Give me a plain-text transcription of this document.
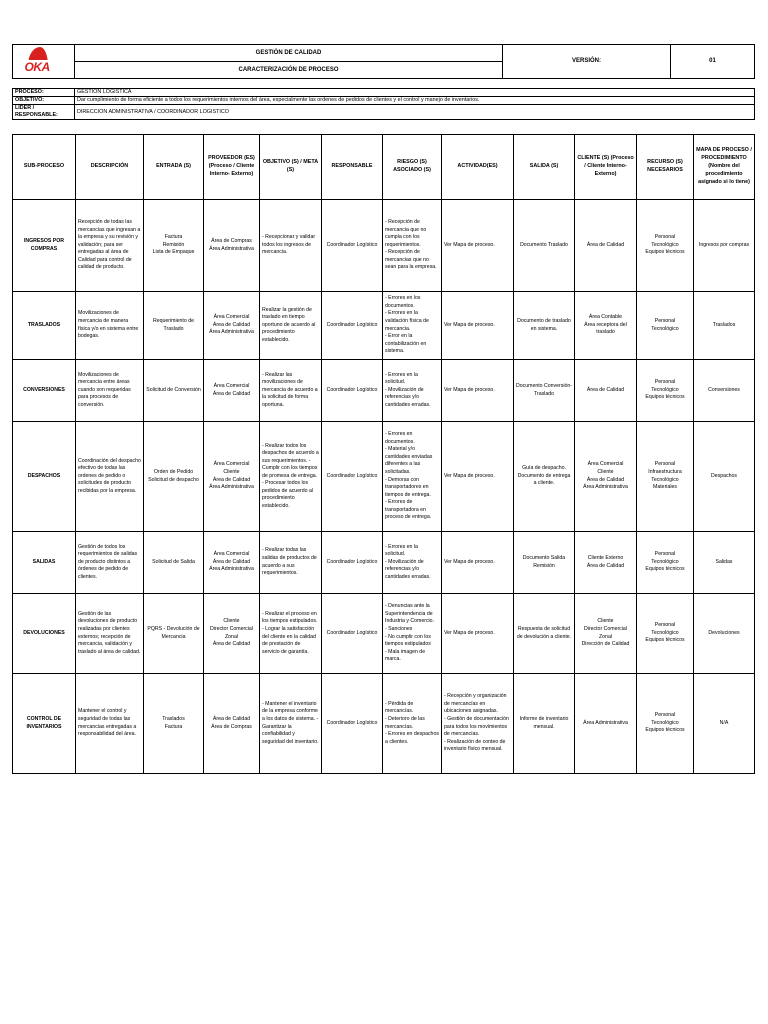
OKA
	GESTIÓN DE CALIDAD	VERSIÓN:	01
CARACTERIZACIÓN DE PROCESO
PROCESO:	GESTIÓN LOGISTICA
OBJETIVO:	Dar cumplimiento de forma eficiente a todos los requerimientos internos del área, especialmente las ordenes de pedidos de clientes y el control y manejo de inventarios.
LIDER / RESPONSABLE:	DIRECCION ADMINISTRATIVA / COORDINADOR LOGISTICO
SUB-PROCESO	DESCRIPCIÓN	ENTRADA (S)	PROVEEDOR (ES) (Proceso / Cliente Interno- Externo)	OBJETIVO (S) / META (S)	RESPONSABLE	RIESGO (S) ASOCIADO (S)	ACTIVIDAD(ES)	SALIDA (S)	CLIENTE (S) (Proceso / Cliente Interno- Externo)	RECURSO (S) NECESARIOS	MAPA DE PROCESO / PROCEDIMIENTO (Nombre del procedimiento asignado si lo tiene)
INGRESOS POR COMPRAS	Recepción de todas las mercancias que ingresan a la empresa y su revisión y validación; para ser entregadas al área de Calidad para control de calidad de producto.	Factura
Remisión
Lista de Empaque	Área de Compras
Área Administrativa	- Recepcionar y validar todos los ingresos de mercancia.	Coordinador Logístico	- Recepción de mercancia que no cumpla con los requerimientos.
- Recepción de mercancias que no sean para la empresa.	Ver Mapa de proceso.	Documento Traslado	Área de Calidad	Personal
Tecnológico
Equipos técnicos	Ingresos por compras
TRASLADOS	Movilizaciones de mercancia de manera física y/o en sistema entre bodegas.	Requerimiento de Traslado	Área Comercial
Área de Calidad
Área Administrativa	Realizar la gestión de traslado en tiempo oportuno de acuerdo al procedimiento establecido.	Coordinador Logístico	- Errores en los documentos.
- Errores en la validación física de mercancia.
- Error en la contabilización en sistema.	Ver Mapa de proceso.	Documento de traslado en sistema.	Área Contable
Área receptora del traslado	Personal
Tecnológico	Traslados
CONVERSIONES	Movilizaciones de mercancia entre áreas cuando son requeridas para procesos de conversión.	Solicitud de Conversión	Área Comercial
Área de Calidad	- Realizar las movilizaciones de mercancia de acuerdo a la solicitud de forma oportuna.	Coordinador Logístico	- Errores en la solicitud.
- Movilización de referencias y/o cantidades erradas.	Ver Mapa de proceso.	Documento Conversión-Traslado	Área de Calidad	Personal
Tecnológico
Equipos técnicos	Conversiones
DESPACHOS	Coordinación del despacho efectivo de todas las ordenes de pedido o solicitudes de producto recibidas por la empresa.	Orden de Pedido
Solicitud de despacho	Área Comercial
Cliente
Área de Calidad
Área Administrativa	- Realizar todos los despachos de acuerdo a sus requerimientos. - Cumplir con los tiempos de promesa de entrega. - Procesar todos los pedidos de acuerdo al procedimiento establecido.	Coordinador Logístico	- Errores en documentos.
- Material y/o cantidades enviadas diferentes a las solicitadas.
- Demoras con transportadores en tiempos de entrega.
- Errores de transportadora en proceso de entrega.	Ver Mapa de proceso.	Guía de despacho.
Documento de entrega a cliente.	Área Comercial
Cliente
Área de Calidad
Área Administrativa	Personal
Infraestructura
Tecnológico
Materiales	Despachos
SALIDAS	Gestión de todos los requerimientos de salidas de producto distintos a órdenes de pedido de clientes.	Solicitud de Salida	Área Comercial
Área de Calidad
Área Administrativa	- Realizar todas las salidas de productos de acuerdo a sus requerimientos.	Coordinador Logístico	- Errores en la solicitud.
- Movilización de referencias y/o cantidades erradas.	Ver Mapa de proceso.	Documento Salida
Remisión	Cliente Externo
Área de Calidad	Personal
Tecnológico
Equipos técnicos	Salidas
DEVOLUCIONES	Gestión de las devoluciones de producto realizadas por clientes externos; recepción de mercancia, validación y traslado al área de calidad.	PQRS - Devolución de Mercancia	Cliente
Director Comercial Zonal
Área de Calidad	- Realizar el proceso en los tiempos estipulados. - Lograr la satisfacción del cliente en la calidad de prestación de servicio de garantía.	Coordinador Logístico	- Denuncias ante la Superintendencia de Industria y Comercio.
- Sanciones
- No cumplir con los tiempos estipulados
- Mala imagen de marca.	Ver Mapa de proceso.	Respuesta de solicitud de devolución a cliente.	Cliente
Director Comercial Zonal
Dirección de Calidad	Personal
Tecnológico
Equipos técnicos	Devoluciones
CONTROL DE INVENTARIOS	Mantener el control y seguridad de todas las mercancias entregadas a responsabilidad del área.	Traslados
Factura	Área de Calidad
Área de Compras	- Mantener el inventario de la empresa conforme a los datos de sistema. - Garantizar la confiabilidad y seguridad del inventario.	Coordinador Logístico	- Pérdida de mercancías.
- Deterioro de las mercancías.
- Errores en despachos a clientes.	- Recepción y organización de mercancías en ubicaciones asignadas.
- Gestión de documentación para todos los movimientos de mercancías.
- Realización de conteo de inventario físico mensual.	Informe de inventario mensual.	Área Administrativa	Personal
Tecnológico
Equipos técnicos	N/A
